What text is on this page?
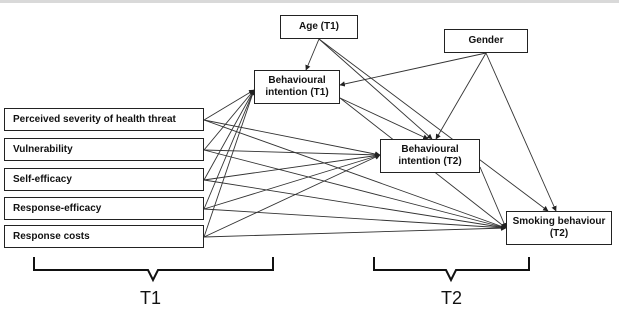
Age (T1)
Gender
Behavioural intention (T1)
Perceived severity of health threat
Vulnerability
Self-efficacy
Response-efficacy
Response costs
Behavioural intention (T2)
Smoking behaviour (T2)
T1	T2
